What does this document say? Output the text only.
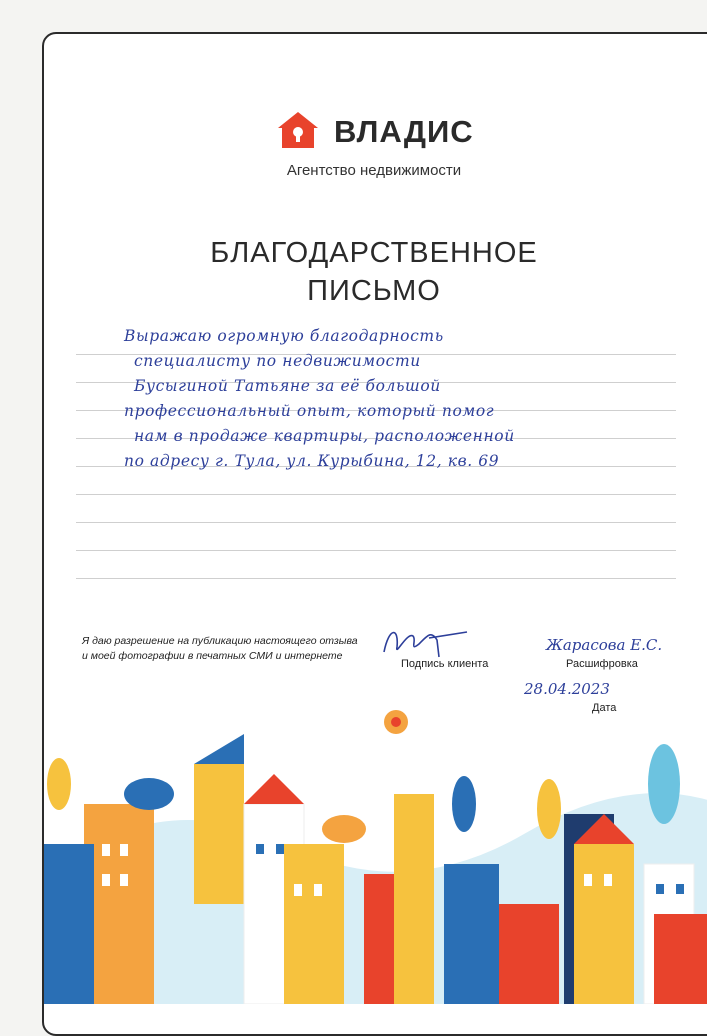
ВЛАДИС
Агентство недвижимости
БЛАГОДАРСТВЕННОЕ
ПИСЬМО
Выражаю огромную благодарность
специалисту по недвижимости
Бусыгиной Татьяне за её большой
профессиональный опыт, который помог
нам в продаже квартиры, расположенной
по адресу г. Тула, ул. Курыбина, 12, кв. 69
Я даю разрешение на публикацию настоящего отзыва
и моей фотографии в печатных СМИ и интернете
Подпись клиента
Жарасова Е.С.
Расшифровка
28.04.2023
Дата
